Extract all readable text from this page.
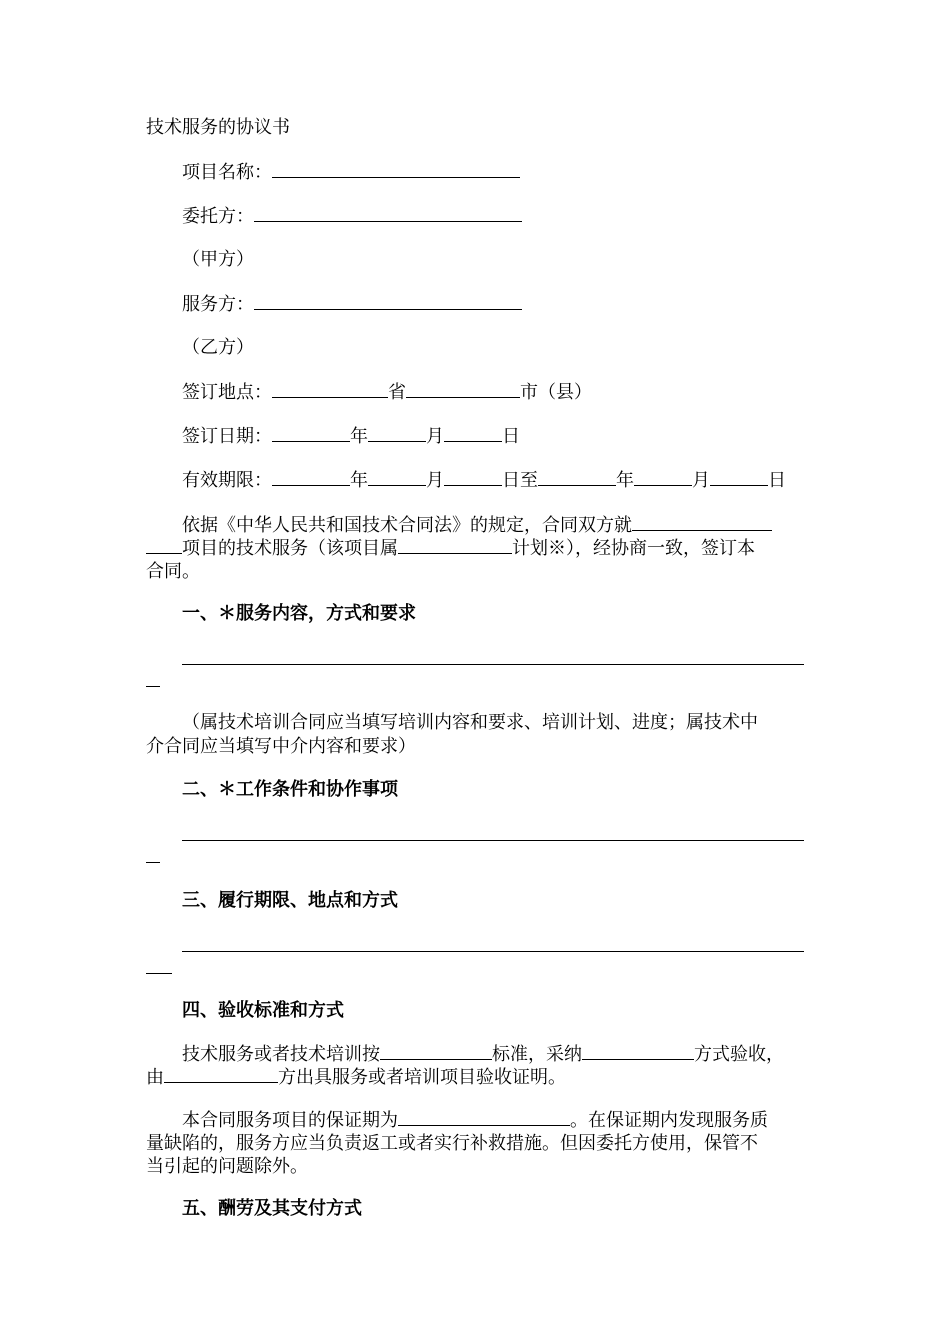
技术服务的协议书
项目名称：
委托方：
（甲方）
服务方：
（乙方）
签订地点：	省	市（县）
签订日期：	年	月	日
有效期限：	年	月	日至	年	月	日
依据《中华人民共和国技术合同法》的规定，合同双方就
项目的技术服务（该项目属	计划※），经协商一致，签订本
合同。
一、＊服务内容，方式和要求
（属技术培训合同应当填写培训内容和要求、培训计划、进度；属技术中
介合同应当填写中介内容和要求）
二、＊工作条件和协作事项
三、履行期限、地点和方式
四、验收标准和方式
技术服务或者技术培训按	标准，采纳	方式验收，
由	方出具服务或者培训项目验收证明。
本合同服务项目的保证期为	。在保证期内发现服务质
量缺陷的，服务方应当负责返工或者实行补救措施。但因委托方使用，保管不
当引起的问题除外。
五、酬劳及其支付方式
